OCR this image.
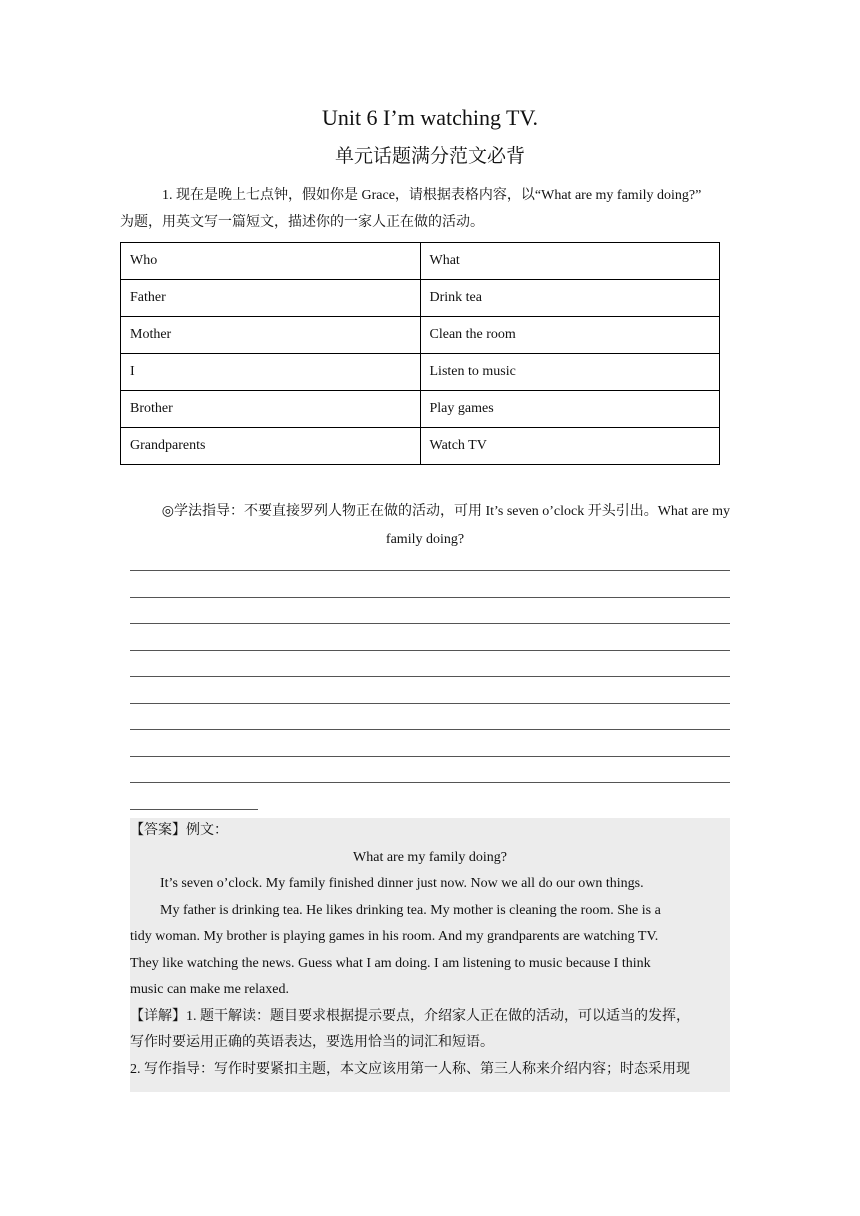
Unit 6 I’m watching TV.
单元话题满分范文必背
1. 现在是晚上七点钟，假如你是 Grace，请根据表格内容，以“What are my family doing?”
为题，用英文写一篇短文，描述你的一家人正在做的活动。
Who	What
Father	Drink tea
Mother	Clean the room
I	Listen to music
Brother	Play games
Grandparents	Watch TV
◎学法指导：不要直接罗列人物正在做的活动，可用 It’s seven o’clock 开头引出。What are my
family doing?
【答案】例文：
What are my family doing?
It’s seven o’clock. My family finished dinner just now. Now we all do our own things.
My father is drinking tea. He likes drinking tea. My mother is cleaning the room. She is a
tidy woman. My brother is playing games in his room. And my grandparents are watching TV.
They like watching the news. Guess what I am doing. I am listening to music because I think
music can make me relaxed.
【详解】1. 题干解读：题目要求根据提示要点，介绍家人正在做的活动，可以适当的发挥，
写作时要运用正确的英语表达，要选用恰当的词汇和短语。
2. 写作指导：写作时要紧扣主题，本文应该用第一人称、第三人称来介绍内容；时态采用现
